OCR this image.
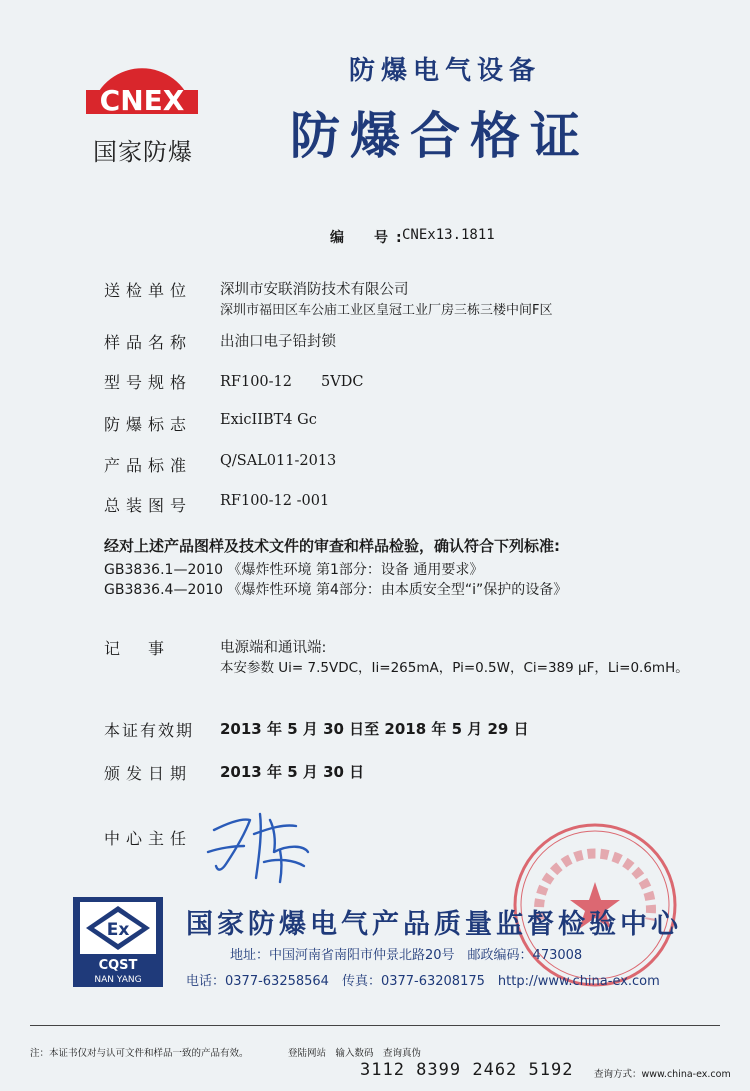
CNEX
国家防爆
防爆电气设备
防爆合格证
编　号:
CNEx13.1811
送检单位 深圳市安联消防技术有限公司
深圳市福田区车公庙工业区皇冠工业厂房三栋三楼中间F区
样品名称 出油口电子铅封锁
型号规格 RF100-12　　5VDC
防爆标志 ExicIIBT4 Gc
产品标准 Q/SAL011-2013
总装图号 RF100-12 -001
经对上述产品图样及技术文件的审查和样品检验，确认符合下列标准:
GB3836.1—2010 《爆炸性环境 第1部分：设备 通用要求》
GB3836.4—2010 《爆炸性环境 第4部分：由本质安全型“i”保护的设备》
记　事	电源端和通讯端:
本安参数 Ui= 7.5VDC，Ii=265mA，Pi=0.5W，Ci=389 μF，Li=0.6mH。
本证有效期 2013 年 5 月 30 日至 2018 年 5 月 29 日
颁发日期 2013 年 5 月 30 日
中心主任
Ex
CQST
NAN YANG
国家防爆电气产品质量监督检验中心
地址：中国河南省南阳市仲景北路20号　邮政编码：473008
电话：0377-63258564　传真：0377-63208175　http://www.china-ex.com
注：本证书仅对与认可文件和样品一致的产品有效。	登陆网站　输入数码　查询真伪
3112 8399 2462 5192 查询方式：www.china-ex.com
